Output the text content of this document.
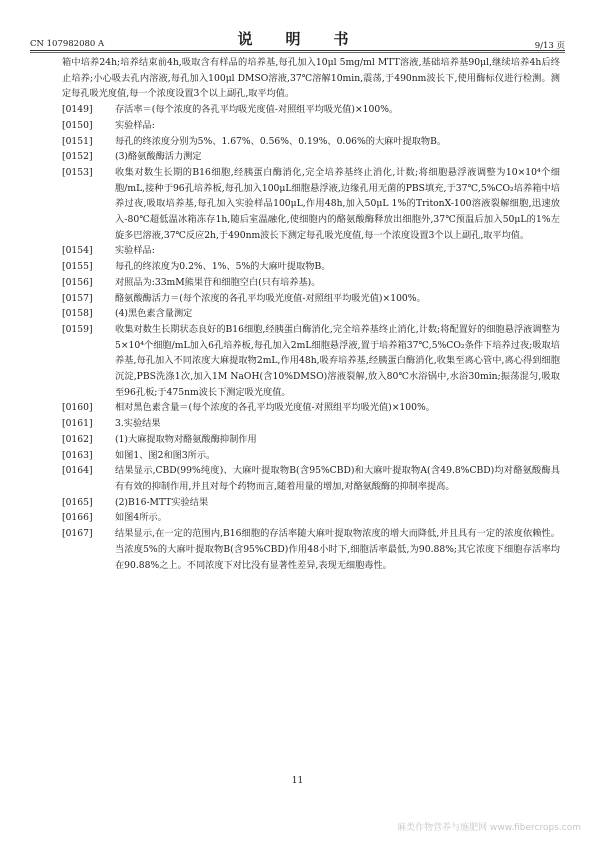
CN 107982080 A	说　明　书	9/13 页
箱中培养24h;培养结束前4h,吸取含有样品的培养基,每孔加入10μl 5mg/ml MTT溶液,基础培养基90μl,继续培养4h后终止培养;小心吸去孔内溶液,每孔加入100μl DMSO溶液,37℃溶解10min,震荡,于490nm波长下,使用酶标仪进行检测。测定每孔吸光度值,每一个浓度设置3个以上副孔,取平均值。
[0149] 存活率＝(每个浓度的各孔平均吸光度值-对照组平均吸光值)×100%。
[0150] 实验样品:
[0151] 每孔的终浓度分别为5%、1.67%、0.56%、0.19%、0.06%的大麻叶提取物B。
[0152] (3)酪氨酸酶活力测定
[0153] 收集对数生长期的B16细胞,经胰蛋白酶消化,完全培养基终止消化,计数;将细胞悬浮液调整为10×10⁴个细胞/mL,接种于96孔培养板,每孔加入100μL细胞悬浮液,边缘孔用无菌的PBS填充,于37℃,5%CO₂培养箱中培养过夜,吸取培养基,每孔加入实验样品100μL,作用48h,加入50μL 1%的TritonX-100溶液裂解细胞,迅速放入-80℃超低温冰箱冻存1h,随后室温融化,使细胞内的酪氨酸酶释放出细胞外,37℃预温后加入50μL的1%左旋多巴溶液,37℃反应2h,于490nm波长下测定每孔吸光度值,每一个浓度设置3个以上副孔,取平均值。
[0154] 实验样品:
[0155] 每孔的终浓度为0.2%、1%、5%的大麻叶提取物B。
[0156] 对照品为:33mM熊果苷和细胞空白(只有培养基)。
[0157] 酪氨酸酶活力＝(每个浓度的各孔平均吸光度值-对照组平均吸光值)×100%。
[0158] (4)黑色素含量测定
[0159] 收集对数生长期状态良好的B16细胞,经胰蛋白酶消化,完全培养基终止消化,计数;将配置好的细胞悬浮液调整为5×10⁴个细胞/mL加入6孔培养板,每孔加入2mL细胞悬浮液,置于培养箱37℃,5%CO₂条件下培养过夜;吸取培养基,每孔加入不同浓度大麻提取物2mL,作用48h,吸弃培养基,经胰蛋白酶消化,收集至离心管中,离心得到细胞沉淀,PBS洗涤1次,加入1M NaOH(含10%DMSO)溶液裂解,放入80℃水浴锅中,水浴30min;振荡混匀,吸取至96孔板;于475nm波长下测定吸光度值。
[0160] 相对黑色素含量＝(每个浓度的各孔平均吸光度值-对照组平均吸光值)×100%。
[0161] 3.实验结果
[0162] (1)大麻提取物对酪氨酸酶抑制作用
[0163] 如图1、图2和图3所示。
[0164] 结果显示,CBD(99%纯度)、大麻叶提取物B(含95%CBD)和大麻叶提取物A(含49.8%CBD)均对酪氨酸酶具有有效的抑制作用,并且对每个药物而言,随着用量的增加,对酪氨酸酶的抑制率提高。
[0165] (2)B16-MTT实验结果
[0166] 如图4所示。
[0167] 结果显示,在一定的范围内,B16细胞的存活率随大麻叶提取物浓度的增大而降低,并且具有一定的浓度依赖性。当浓度5%的大麻叶提取物B(含95%CBD)作用48小时下,细胞活率最低,为90.88%;其它浓度下细胞存活率均在90.88%之上。不同浓度下对比没有显著性差异,表现无细胞毒性。
11
麻类作物营养与施肥网 www.fibercrops.com
